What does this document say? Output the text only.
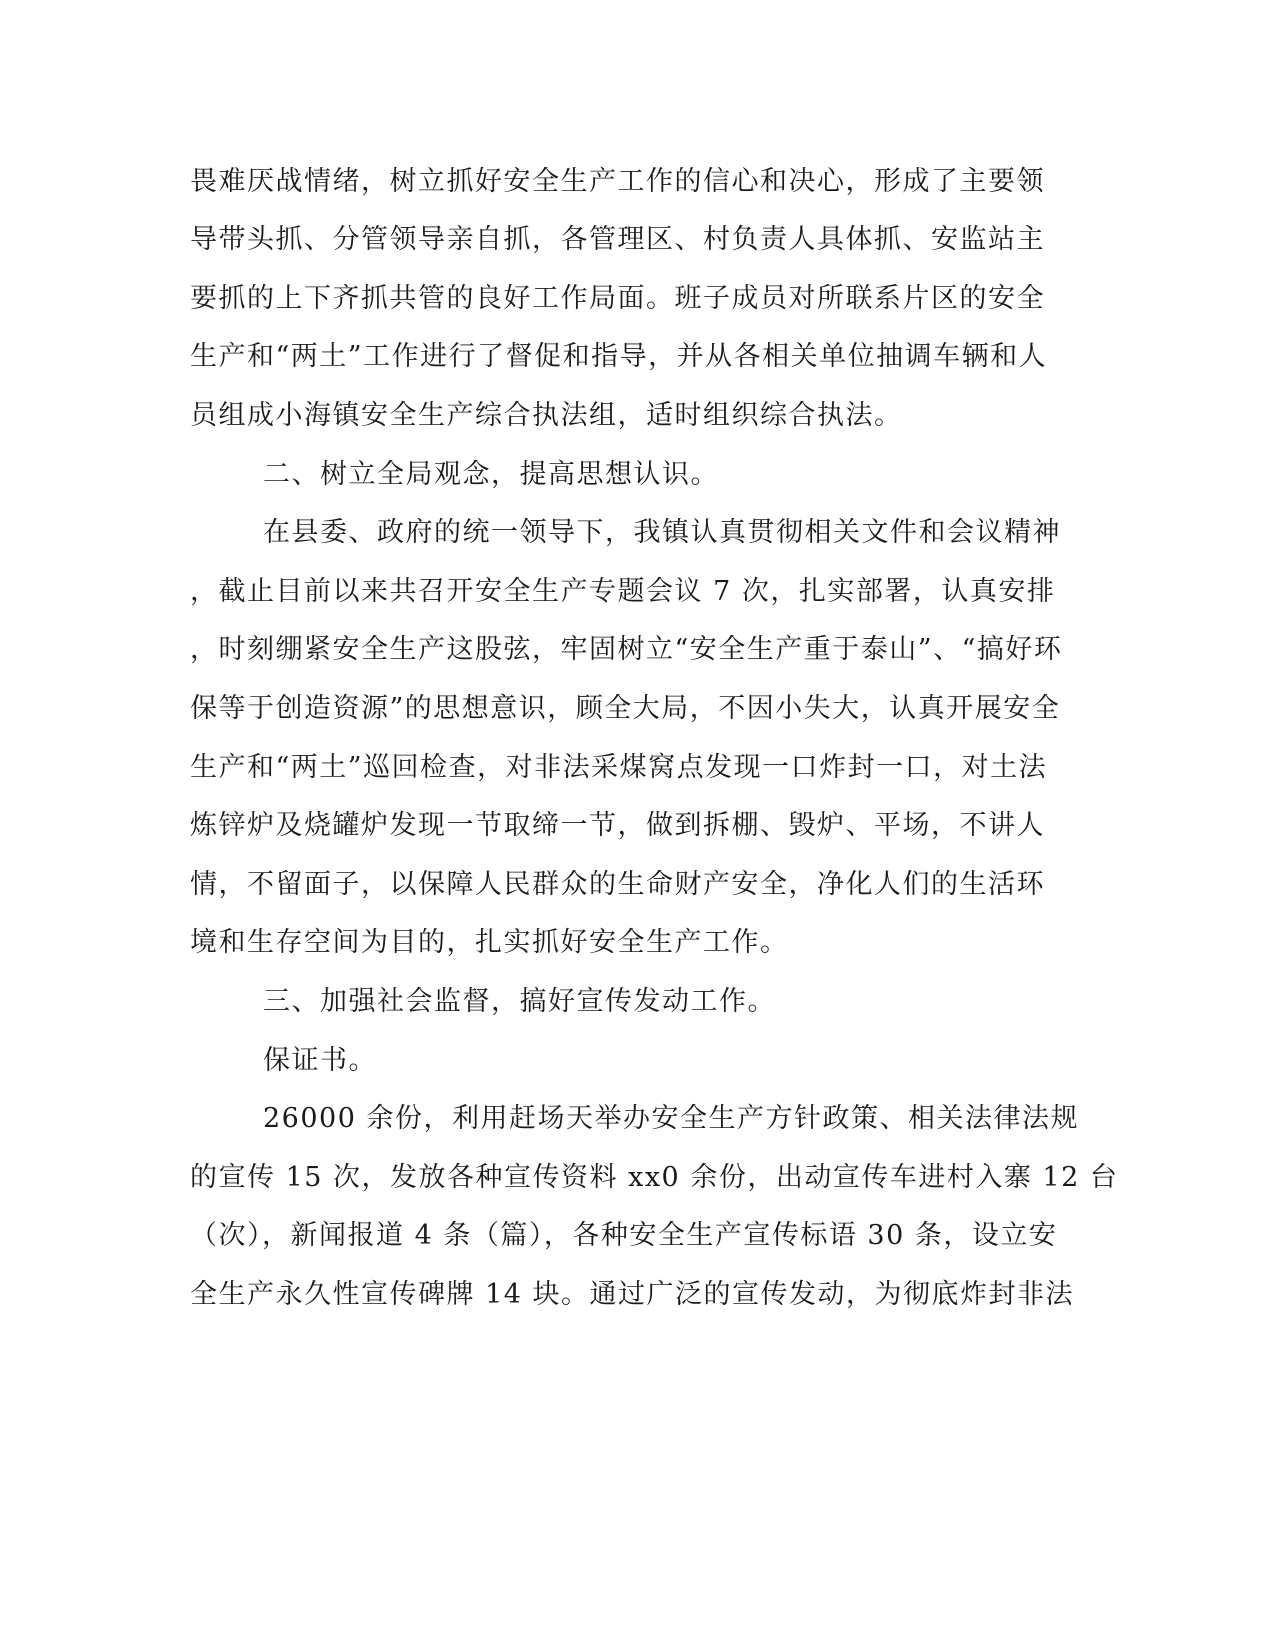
畏难厌战情绪，树立抓好安全生产工作的信心和决心，形成了主要领
导带头抓、分管领导亲自抓，各管理区、村负责人具体抓、安监站主
要抓的上下齐抓共管的良好工作局面。班子成员对所联系片区的安全
生产和“两土”工作进行了督促和指导，并从各相关单位抽调车辆和人
员组成小海镇安全生产综合执法组，适时组织综合执法。
二、树立全局观念，提高思想认识。
在县委、政府的统一领导下，我镇认真贯彻相关文件和会议精神
，截止目前以来共召开安全生产专题会议 7 次，扎实部署，认真安排
，时刻绷紧安全生产这股弦，牢固树立“安全生产重于泰山”、“搞好环
保等于创造资源”的思想意识，顾全大局，不因小失大，认真开展安全
生产和“两土”巡回检查，对非法采煤窝点发现一口炸封一口，对土法
炼锌炉及烧罐炉发现一节取缔一节，做到拆棚、毁炉、平场，不讲人
情，不留面子，以保障人民群众的生命财产安全，净化人们的生活环
境和生存空间为目的，扎实抓好安全生产工作。
三、加强社会监督，搞好宣传发动工作。
保证书。
26000 余份，利用赶场天举办安全生产方针政策、相关法律法规
的宣传 15 次，发放各种宣传资料 xx0 余份，出动宣传车进村入寨 12 台
（次），新闻报道 4 条（篇），各种安全生产宣传标语 30 条，设立安
全生产永久性宣传碑牌 14 块。通过广泛的宣传发动，为彻底炸封非法
